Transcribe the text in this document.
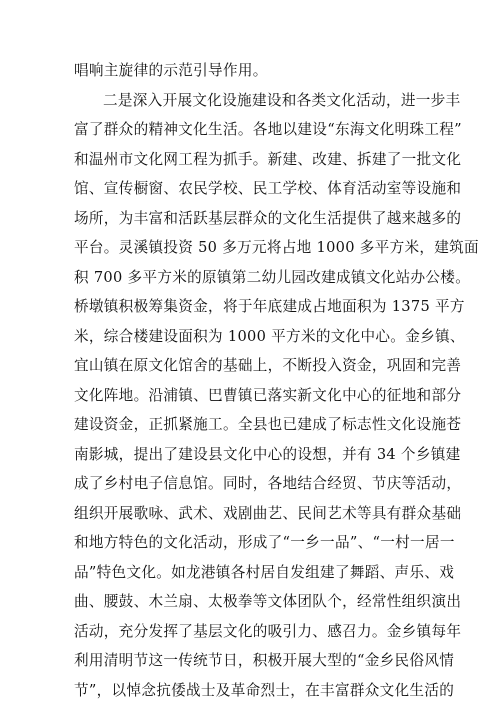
唱响主旋律的示范引导作用。
二是深入开展文化设施建设和各类文化活动，进一步丰
富了群众的精神文化生活。各地以建设“东海文化明珠工程”
和温州市文化网工程为抓手。新建、改建、拆建了一批文化
馆、宣传橱窗、农民学校、民工学校、体育活动室等设施和
场所，为丰富和活跃基层群众的文化生活提供了越来越多的
平台。灵溪镇投资 50 多万元将占地 1000 多平方米，建筑面
积 700 多平方米的原镇第二幼儿园改建成镇文化站办公楼。
桥墩镇积极筹集资金，将于年底建成占地面积为 1375 平方
米，综合楼建设面积为 1000 平方米的文化中心。金乡镇、
宜山镇在原文化馆舍的基础上，不断投入资金，巩固和完善
文化阵地。沿浦镇、巴曹镇已落实新文化中心的征地和部分
建设资金，正抓紧施工。全县也已建成了标志性文化设施苍
南影城，提出了建设县文化中心的设想，并有 34 个乡镇建
成了乡村电子信息馆。同时，各地结合经贸、节庆等活动，
组织开展歌咏、武术、戏剧曲艺、民间艺术等具有群众基础
和地方特色的文化活动，形成了“一乡一品”、“一村一居一
品”特色文化。如龙港镇各村居自发组建了舞蹈、声乐、戏
曲、腰鼓、木兰扇、太极拳等文体团队个，经常性组织演出
活动，充分发挥了基层文化的吸引力、感召力。金乡镇每年
利用清明节这一传统节日，积极开展大型的“金乡民俗风情
节”，以悼念抗倭战士及革命烈士，在丰富群众文化生活的
